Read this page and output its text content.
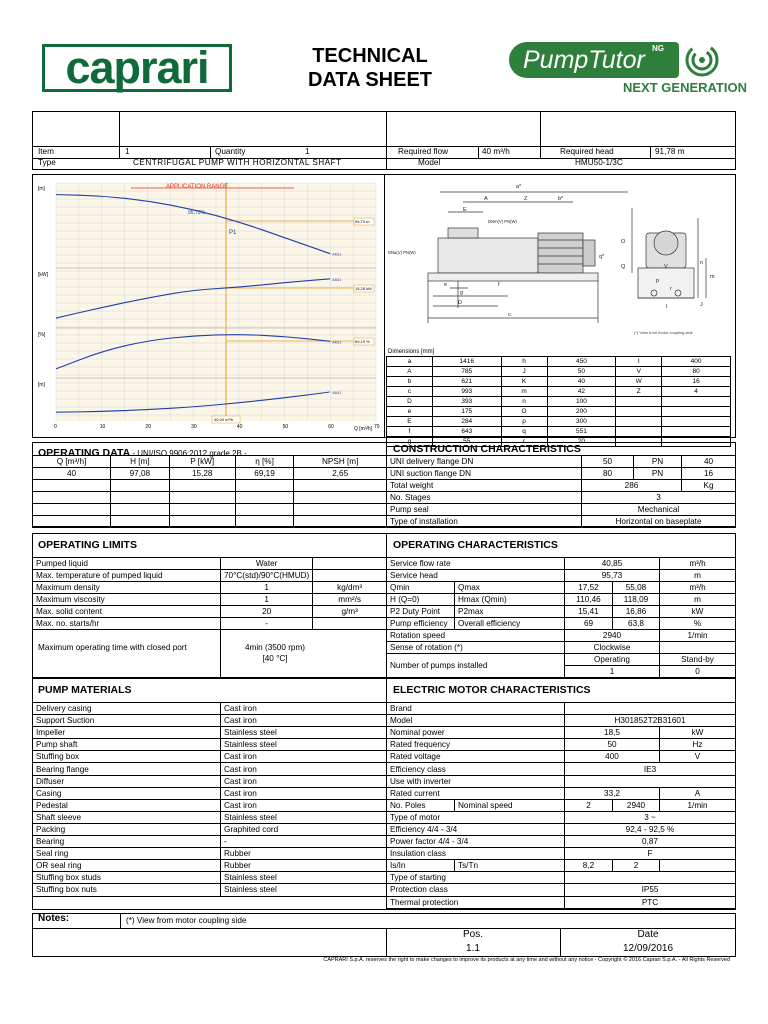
caprari	TECHNICAL
DATA SHEET
PumpTutor NG
NEXT GENERATION
Item	1	Quantity	1	Required flow	40 m³/h	Required head	91,78 m
Type	CENTRIFUGAL PUMP WITH HORIZONTAL SHAFT	Model	HMU50-1/3C
APPLICATION RANGE
P1
95,73%
[m]
[kW]
[%]
[m]
Q [m³/h]
0	10	20	30	40	50	60	70
95,73 m
15,28 kW
69,19 %
40,00 m³/h
AM11
AM11
AM11
AM11
a*
A	Z	b*
E
DNm(V) PN(W)
DNa(V) PN(W)
q*
O
Q	V
m
n
J
e	f
c
D
g
p
r
I
(*) View from motor coupling side
Dimensions [mm]
a	1416	h	450	I	400
A	785	J	50	V	80
b	621	K	40	W	16
c	993	m	42	Z	4
D	393	n	100		
e	175	O	200		
E	284	p	300		
f	643	q	551		
g	55	r	20		
OPERATING DATA - UNI/ISO 9906:2012 grade 2B -	CONSTRUCTION CHARACTERISTICS
Q [m³/h]	H [m]	P [kW]	η [%]	NPSH [m]
40	97,08	15,28	69,19	2,65

UNI delivery flange DN	50	PN	40
UNI suction flange DN	80	PN	16
Total weight	286		Kg
No. Stages	3		
Pump seal	Mechanical		
Type of installation	Horizontal on baseplate		
OPERATING LIMITS	OPERATING CHARACTERISTICS
Pumped liquid	Water	
Max. temperature of pumped liquid	70°C(std)/90°C(HMUD)	
Maximum density	1	kg/dm³
Maximum viscosity	1	mm²/s
Max. solid content	20	g/m³
Max. no. starts/hr	-	
Maximum operating time with closed port	4min (3500 rpm)
[40 °C]
Service flow rate		40,85		m³/h
Service head		95,73		m
Qmin	Qmax	17,52	55,08	m³/h
H (Q=0)	Hmax (Qmin)	110,46	118,09	m
P2 Duty Point	P2max	15,41	16,86	kW
Pump efficiency	Overall efficiency	69	63,8	%
Rotation speed		2940		1/min
Sense of rotation (*)		Clockwise		
Number of pumps installed	Operating	Stand-by
	1	0
PUMP MATERIALS	ELECTRIC MOTOR CHARACTERISTICS
Delivery casing	Cast iron
Support Suction	Cast iron
Impeller	Stainless steel
Pump shaft	Stainless steel
Stuffing box	Cast iron
Bearing flange	Cast iron
Diffuser	Cast iron
Casing	Cast iron
Pedestal	Cast iron
Shaft sleeve	Stainless steel
Packing	Graphited cord
Bearing	-
Seal ring	Rubber
OR seal ring	Rubber
Stuffing box studs	Stainless steel
Stuffing box nuts	Stainless steel
Brand				
Model		H301852T2B31601		
Nominal power		18,5		kW
Rated frequency		50		Hz
Rated voltage		400		V
Efficiency class		IE3		
Use with inverter				
Rated current		33,2		A
No. Poles	Nominal speed	2	2940	1/min
Type of motor		3 ~		
Efficiency 4/4 - 3/4		92,4 - 92,5 %		
Power factor 4/4 - 3/4		0,87		
Insulation class		F		
Is/In	Ts/Tn	8,2	2	
Type of starting				
Protection class		IP55		
Thermal protection		PTC		
Notes:	(*) View from motor coupling side
Pos.
1.1
Date
12/09/2016
CAPRARI S.p.A. reserves the right to make changes to improve its products at any time and without any notice - Copyright © 2016 Caprari S.p.A. - All Rights Reserved
